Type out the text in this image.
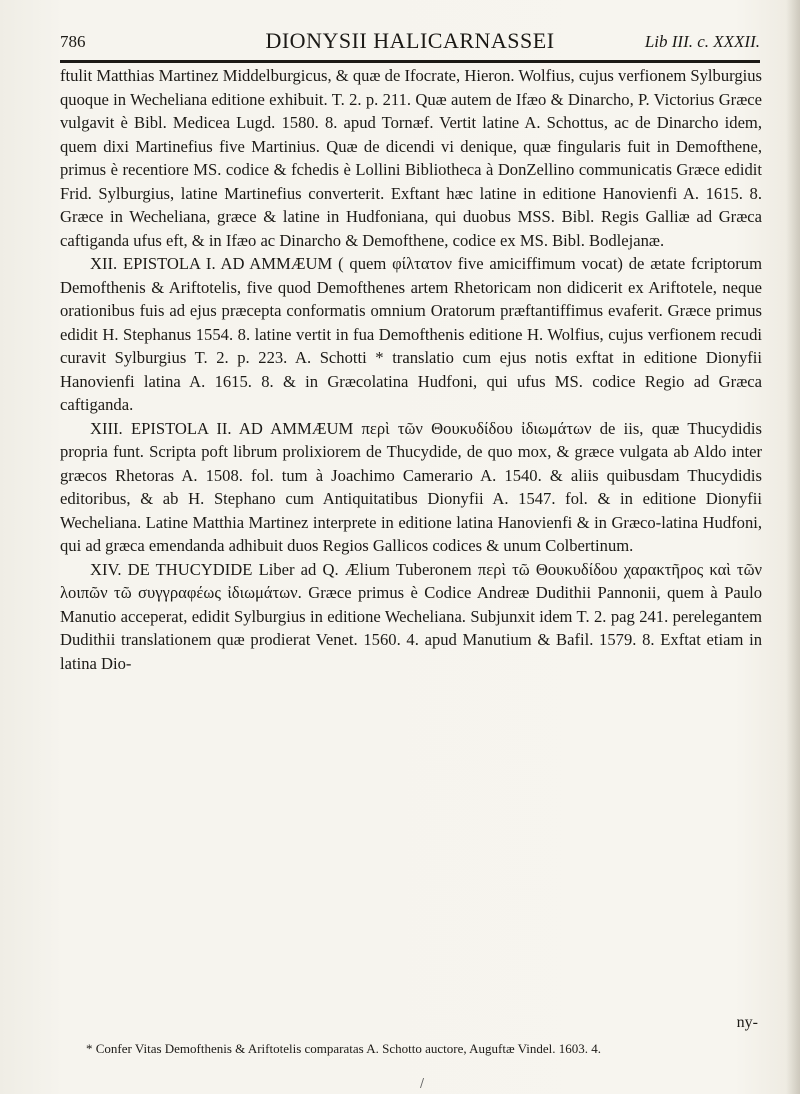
786	DIONYSII HALICARNASSEI	Lib III. c. XXXII.

ftulit Matthias Martinez Middelburgicus, & quæ de Ifocrate, Hieron. Wolfius, cujus verfionem Sylburgius quoque in Wecheliana editione exhibuit. T. 2. p. 211. Quæ autem de Ifæo & Dinarcho, P. Victorius Græce vulgavit è Bibl. Medicea Lugd. 1580. 8. apud Tornæf. Vertit latine A. Schottus, ac de Dinarcho idem, quem dixi Martinefius five Martinius. Quæ de dicendi vi denique, quæ fingularis fuit in Demofthene, primus è recentiore MS. codice & fchedis è Lollini Bibliotheca à DonZellino communicatis Græce edidit Frid. Sylburgius, latine Martinefius converterit. Exftant hæc latine in editione Hanovienfi A. 1615. 8. Græce in Wecheliana, græce & latine in Hudfoniana, qui duobus MSS. Bibl. Regis Galliæ ad Græca caftiganda ufus eft, & in Ifæo ac Dinarcho & Demofthene, codice ex MS. Bibl. Bodlejanæ.

XII. EPISTOLA I. AD AMMÆUM ( quem φίλτατον five amiciffimum vocat) de ætate fcriptorum Demofthenis & Ariftotelis, five quod Demofthenes artem Rhetoricam non didicerit ex Ariftotele, neque orationibus fuis ad ejus præcepta conformatis omnium Oratorum præftantiffimus evaferit. Græce primus edidit H. Stephanus 1554. 8. latine vertit in fua Demofthenis editione H. Wolfius, cujus verfionem recudi curavit Sylburgius T. 2. p. 223. A. Schotti * translatio cum ejus notis exftat in editione Dionyfii Hanovienfi latina A. 1615. 8. & in Græcolatina Hudfoni, qui ufus MS. codice Regio ad Græca caftiganda.

XIII. EPISTOLA II. AD AMMÆUM περὶ τῶν Θουκυδίδου ἰδιωμάτων de iis, quæ Thucydidis propria funt. Scripta poft librum prolixiorem de Thucydide, de quo mox, & græce vulgata ab Aldo inter græcos Rhetoras A. 1508. fol. tum à Joachimo Camerario A. 1540. & aliis quibusdam Thucydidis editoribus, & ab H. Stephano cum Antiquitatibus Dionyfii A. 1547. fol. & in editione Dionyfii Wecheliana. Latine Matthia Martinez interprete in editione latina Hanovienfi & in Græco-latina Hudfoni, qui ad græca emendanda adhibuit duos Regios Gallicos codices & unum Colbertinum.

XIV. DE THUCYDIDE Liber ad Q. Ælium Tuberonem περὶ τῶ Θουκυδίδου χαρακτῆρος καὶ τῶν λοιπῶν τῶ συγγραφέως ἰδιωμάτων. Græce primus è Codice Andreæ Dudithii Pannonii, quem à Paulo Manutio acceperat, edidit Sylburgius in editione Wecheliana. Subjunxit idem T. 2. pag 241. perelegantem Dudithii translationem quæ prodierat Venet. 1560. 4. apud Manutium & Bafil. 1579. 8. Exftat etiam in latina Dio-

ny-

* Confer Vitas Demofthenis & Ariftotelis comparatas A. Schotto auctore, Auguftæ Vindel. 1603. 4.

/
